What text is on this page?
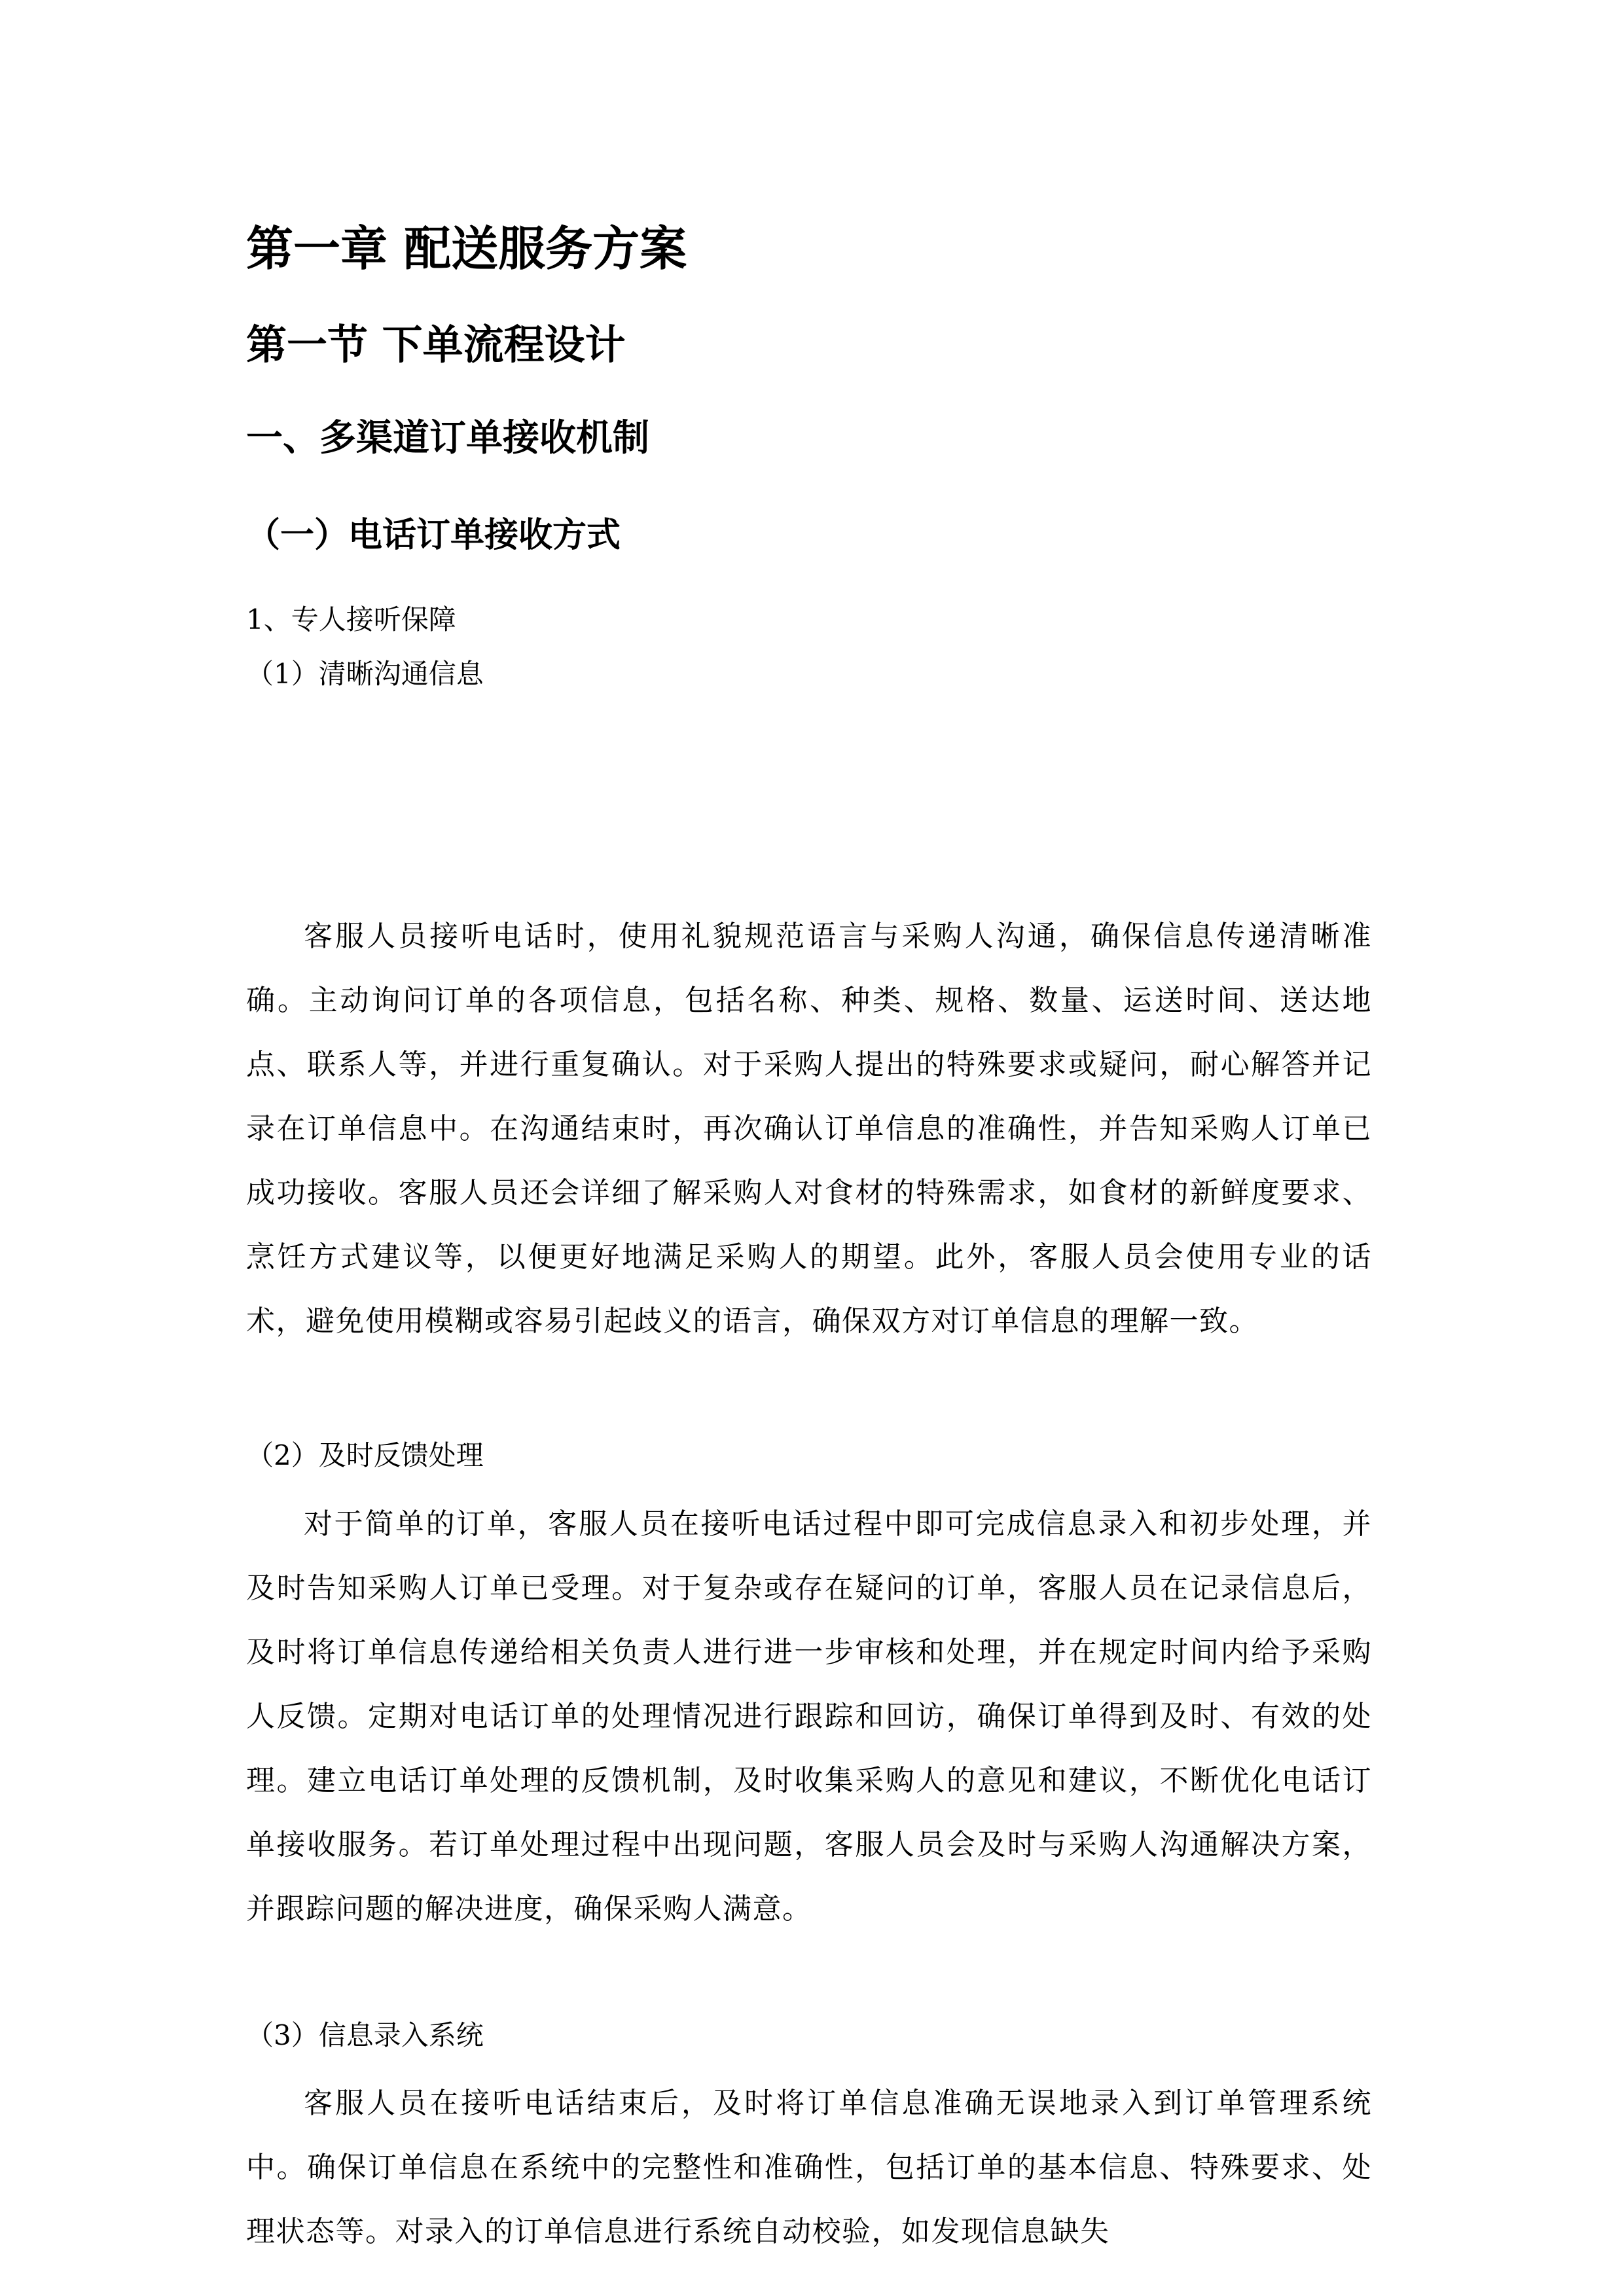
第一章 配送服务方案
第一节 下单流程设计
一、多渠道订单接收机制
（一）电话订单接收方式

1、专人接听保障

（1）清晰沟通信息

客服人员接听电话时，使用礼貌规范语言与采购人沟通，确保信息传递清晰准确。主动询问订单的各项信息，包括名称、种类、规格、数量、运送时间、送达地点、联系人等，并进行重复确认。对于采购人提出的特殊要求或疑问，耐心解答并记录在订单信息中。在沟通结束时，再次确认订单信息的准确性，并告知采购人订单已成功接收。客服人员还会详细了解采购人对食材的特殊需求，如食材的新鲜度要求、烹饪方式建议等，以便更好地满足采购人的期望。此外，客服人员会使用专业的话术，避免使用模糊或容易引起歧义的语言，确保双方对订单信息的理解一致。

（2）及时反馈处理

对于简单的订单，客服人员在接听电话过程中即可完成信息录入和初步处理，并及时告知采购人订单已受理。对于复杂或存在疑问的订单，客服人员在记录信息后，及时将订单信息传递给相关负责人进行进一步审核和处理，并在规定时间内给予采购人反馈。定期对电话订单的处理情况进行跟踪和回访，确保订单得到及时、有效的处理。建立电话订单处理的反馈机制，及时收集采购人的意见和建议，不断优化电话订单接收服务。若订单处理过程中出现问题，客服人员会及时与采购人沟通解决方案，并跟踪问题的解决进度，确保采购人满意。

（3）信息录入系统

客服人员在接听电话结束后，及时将订单信息准确无误地录入到订单管理系统中。确保订单信息在系统中的完整性和准确性，包括订单的基本信息、特殊要求、处理状态等。对录入的订单信息进行系统自动校验，如发现信息缺失
